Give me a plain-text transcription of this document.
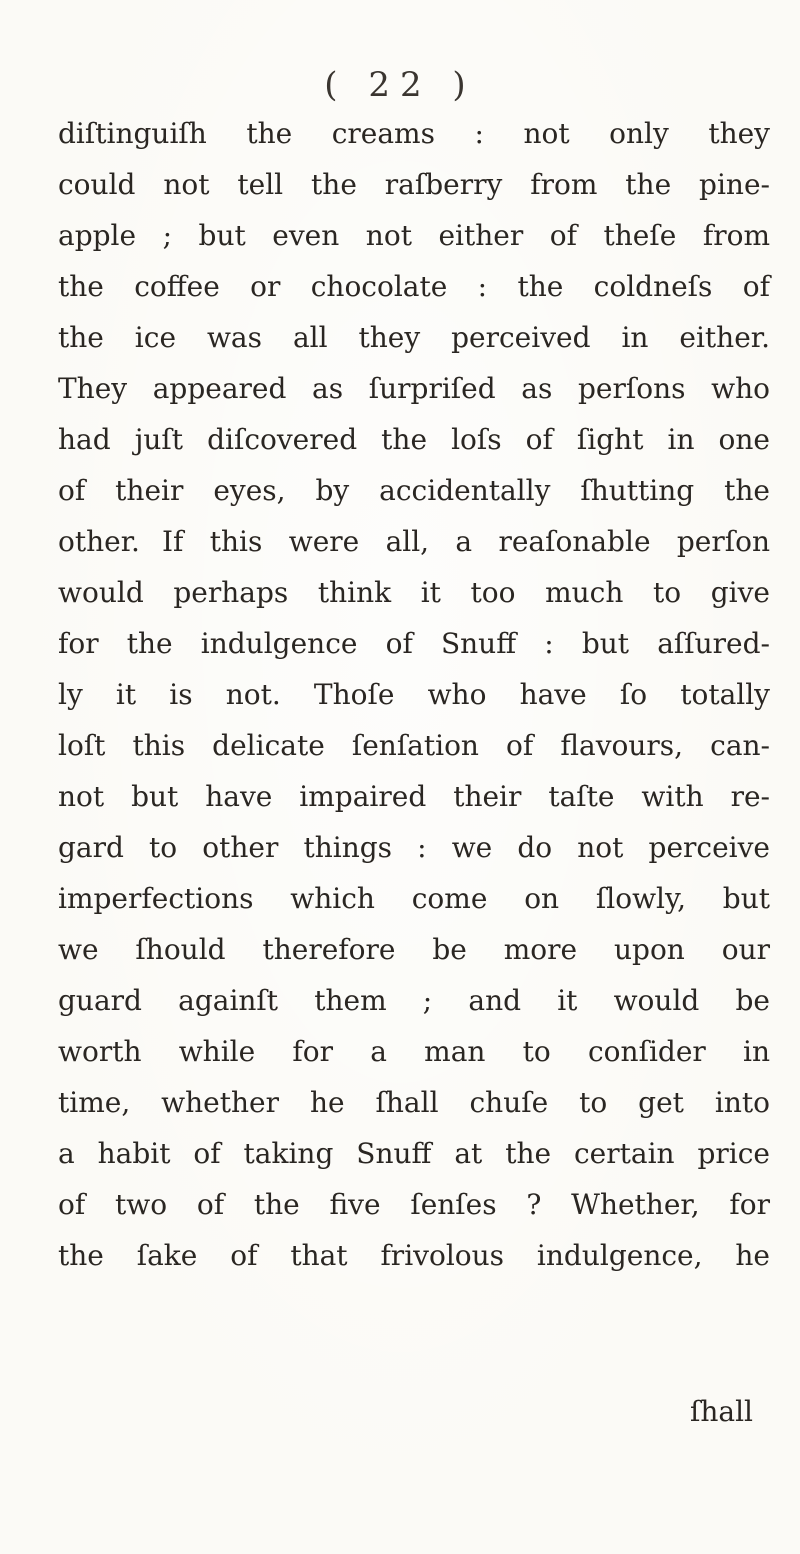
( 22 )
diſtinguiſh the creams : not only they
could not tell the raſberry from the pine-
apple ; but even not either of theſe from
the coffee or chocolate : the coldneſs of
the ice was all they perceived in either.
They appeared as ſurpriſed as perſons who
had juſt diſcovered the loſs of ſight in one
of their eyes, by accidentally ſhutting the
other. If this were all, a reaſonable perſon
would perhaps think it too much to give
for the indulgence of Snuff : but aſſured-
ly it is not. Thoſe who have ſo totally
loſt this delicate ſenſation of flavours, can-
not but have impaired their taſte with re-
gard to other things : we do not perceive
imperfections which come on ſlowly, but
we ſhould therefore be more upon our
guard againſt them ; and it would be
worth while for a man to conſider in
time, whether he ſhall chuſe to get into
a habit of taking Snuff at the certain price
of two of the five ſenſes ? Whether, for
the ſake of that frivolous indulgence, he
ſhall
